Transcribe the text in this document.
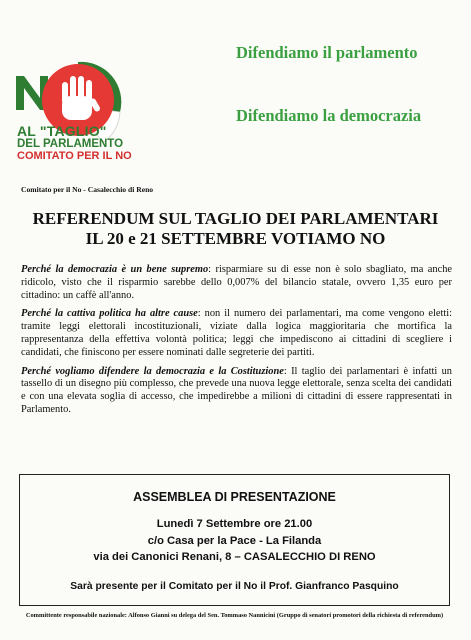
AL "TAGLIO"
DEL PARLAMENTO
COMITATO PER IL NO
Difendiamo il parlamento
Difendiamo la democrazia
Comitato per il No - Casalecchio di Reno
REFERENDUM SUL TAGLIO DEI PARLAMENTARI
IL 20 e 21 SETTEMBRE VOTIAMO NO

Perché la democrazia è un bene supremo: risparmiare su di esse non è solo sbagliato, ma anche ridicolo, visto che il risparmio sarebbe dello 0,007% del bilancio statale, ovvero 1,35 euro per cittadino: un caffè all'anno.

Perché la cattiva politica ha altre cause: non il numero dei parlamentari, ma come vengono eletti: tramite leggi elettorali incostituzionali, viziate dalla logica maggioritaria che mortifica la rappresentanza della effettiva volontà politica; leggi che impediscono ai cittadini di scegliere i candidati, che finiscono per essere nominati dalle segreterie dei partiti.

Perché vogliamo difendere la democrazia e la Costituzione: Il taglio dei parlamentari è infatti un tassello di un disegno più complesso, che prevede una nuova legge elettorale, senza scelta dei candidati e con una elevata soglia di accesso, che impedirebbe a milioni di cittadini di essere rappresentati in Parlamento.

ASSEMBLEA DI PRESENTAZIONE
Lunedì 7 Settembre ore 21.00
c/o Casa per la Pace - La Filanda
via dei Canonici Renani, 8 – CASALECCHIO DI RENO
Sarà presente per il Comitato per il No il Prof. Gianfranco Pasquino
Committente responsabile nazionale: Alfonso Gianni su delega del Sen. Tommaso Nannicini (Gruppo di senatori promotori della richiesta di referendum)
